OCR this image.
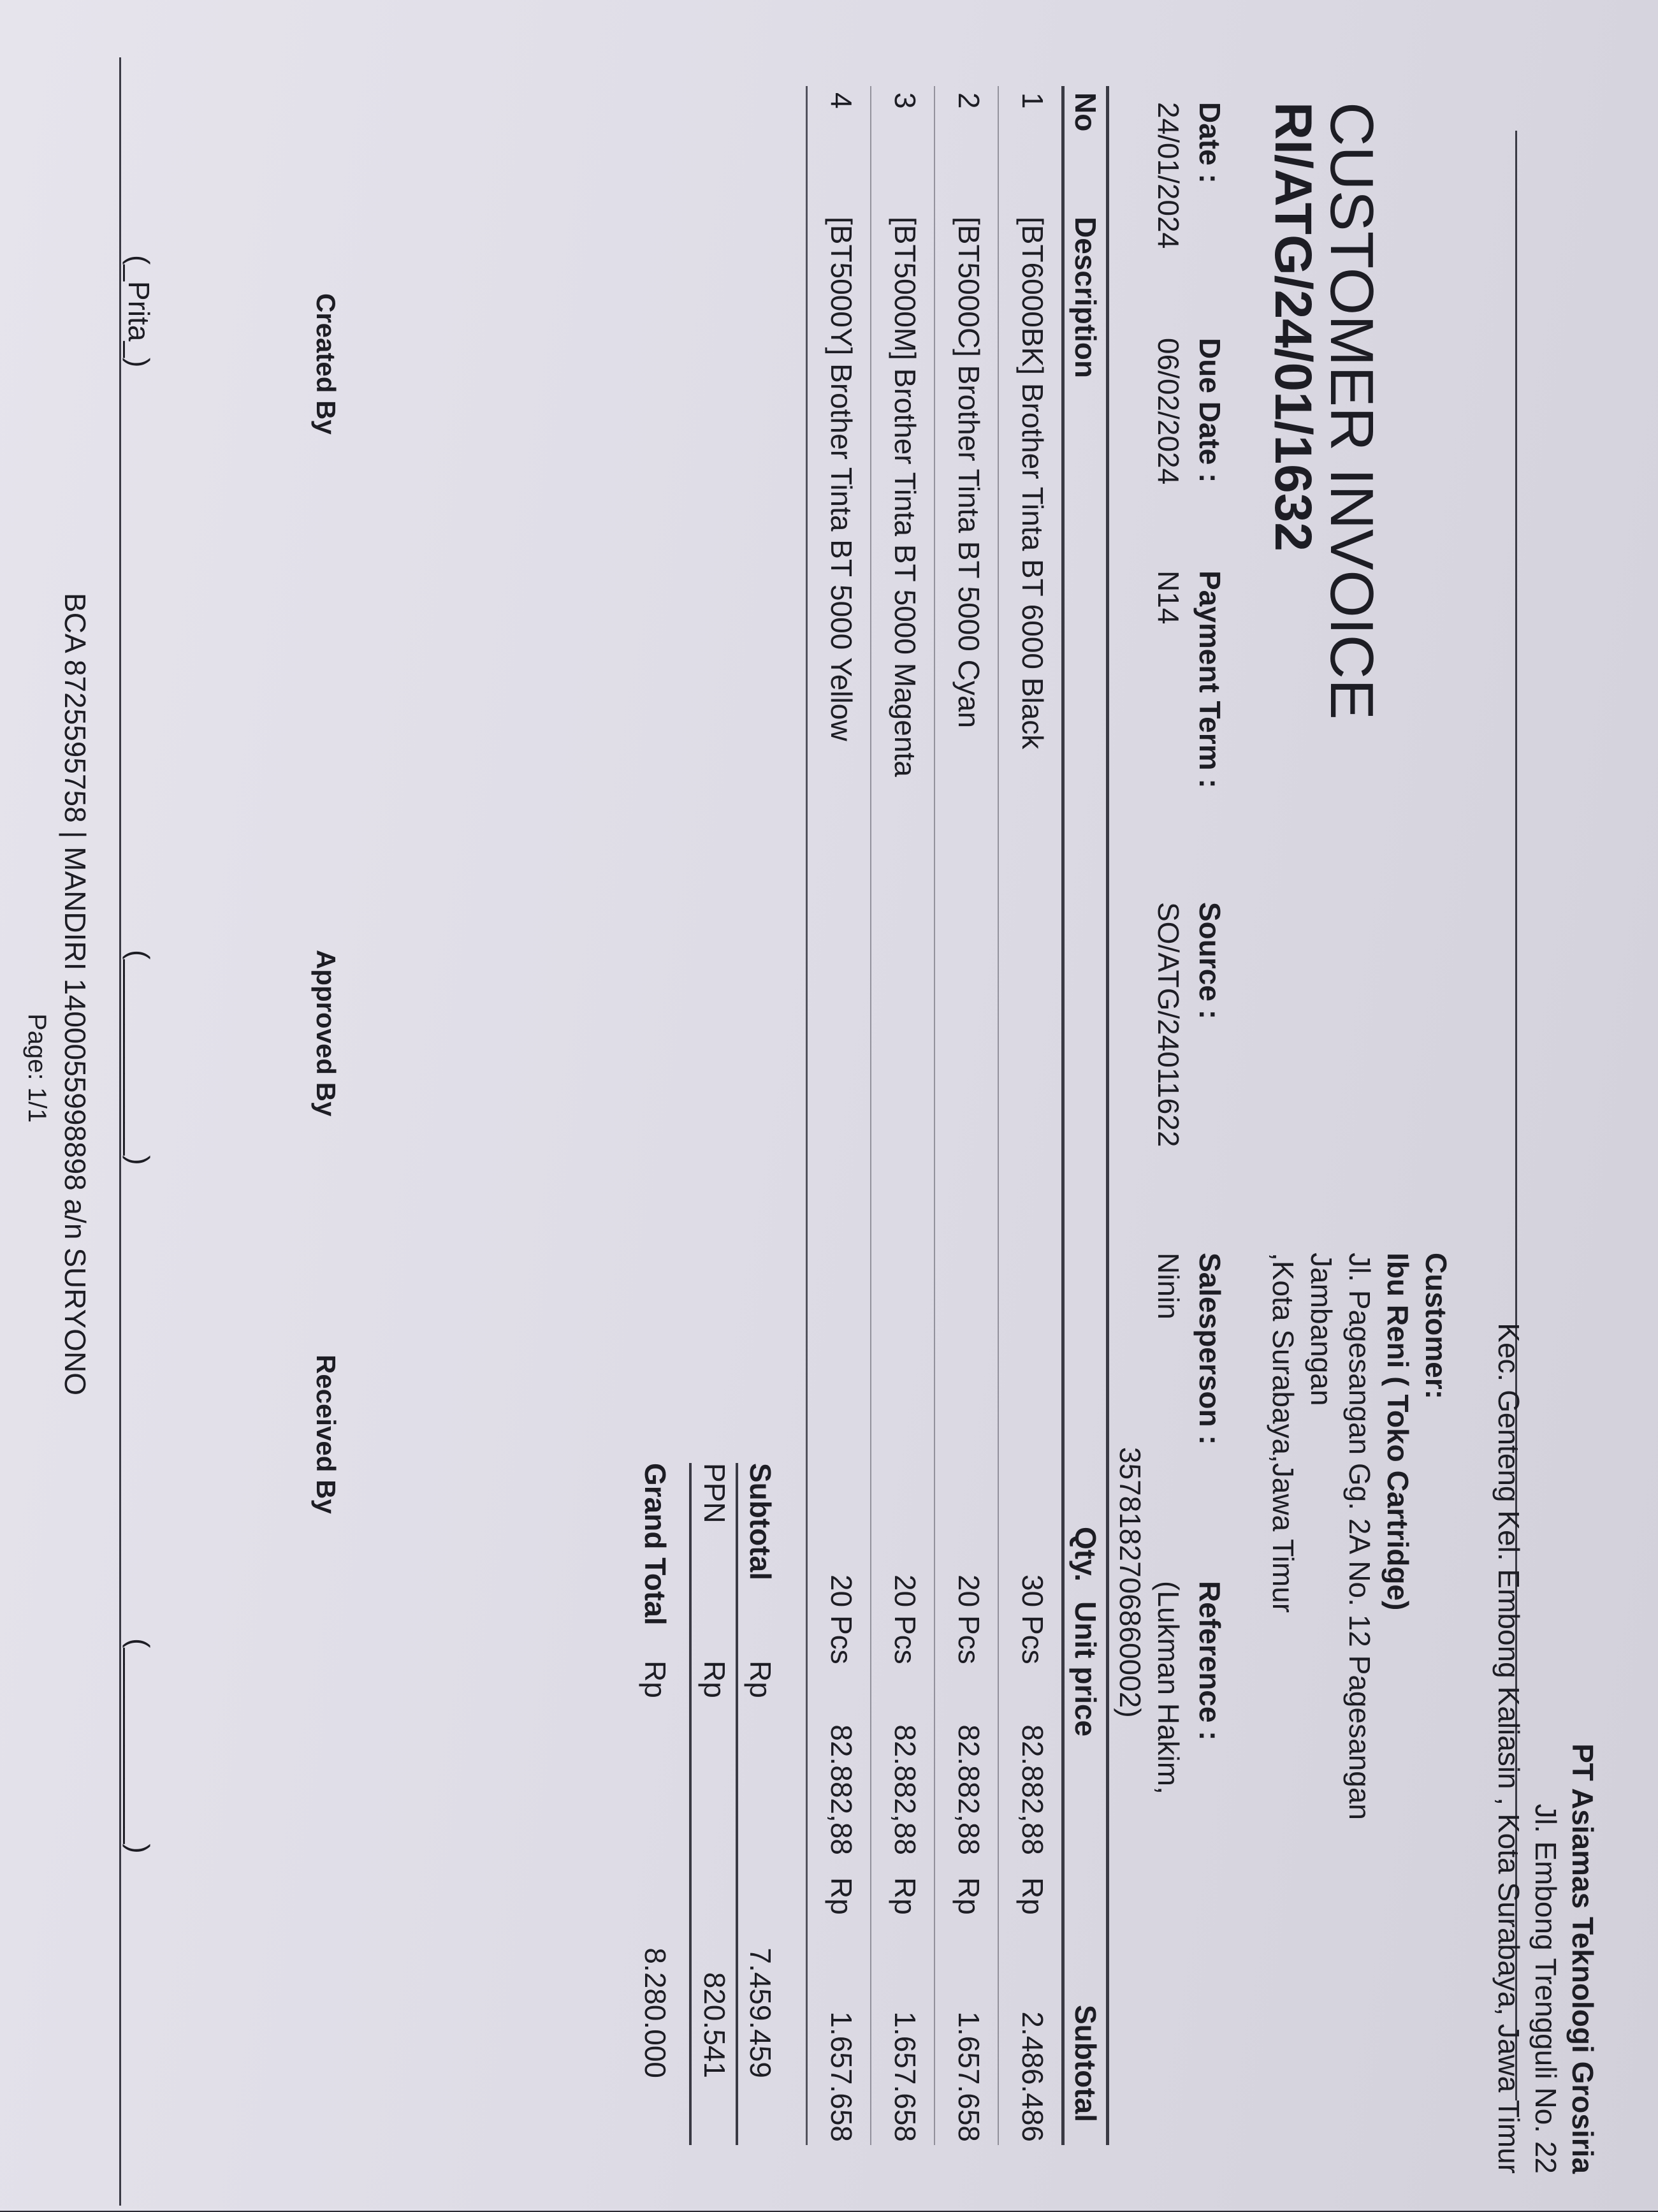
PT Asiamas Teknologi Grosiria
Jl. Embong Trengguli No. 22
Kec. Genteng Kel. Embong Kaliasin , Kota Surabaya, Jawa Timur
Customer:
Ibu Reni ( Toko Cartridge)
Jl. Pagesangan Gg. 2A No. 12 Pagesangan
Jambangan
,Kota Surabaya,Jawa Timur
CUSTOMER INVOICE
RI/ATG/24/01/1632
Date :
24/01/2024
Due Date :
06/02/2024
Payment Term :
N14
Source :
SO/ATG/24011622
Salesperson :
Ninin
Reference :
(Lukman Hakim,
3578182706860002)
No
Description
Qty.
Unit price
Subtotal
1
[BT6000BK] Brother Tinta BT 6000 Black
30 Pcs
82.882,88
Rp
2.486.486
2
[BT5000C] Brother Tinta BT 5000 Cyan
20 Pcs
82.882,88
Rp
1.657.658
3
[BT5000M] Brother Tinta BT 5000 Magenta
20 Pcs
82.882,88
Rp
1.657.658
4
[BT5000Y] Brother Tinta BT 5000 Yellow
20 Pcs
82.882,88
Rp
1.657.658
Subtotal
Rp
7.459.459
PPN
Rp
820.541
Grand Total
Rp
8.280.000
Created By
Approved By
Received By
(_Prita_)
(____________)
(____________)
BCA 8725595758 | MANDIRI 1400055998898 a/n SURYONO
Page: 1/1
